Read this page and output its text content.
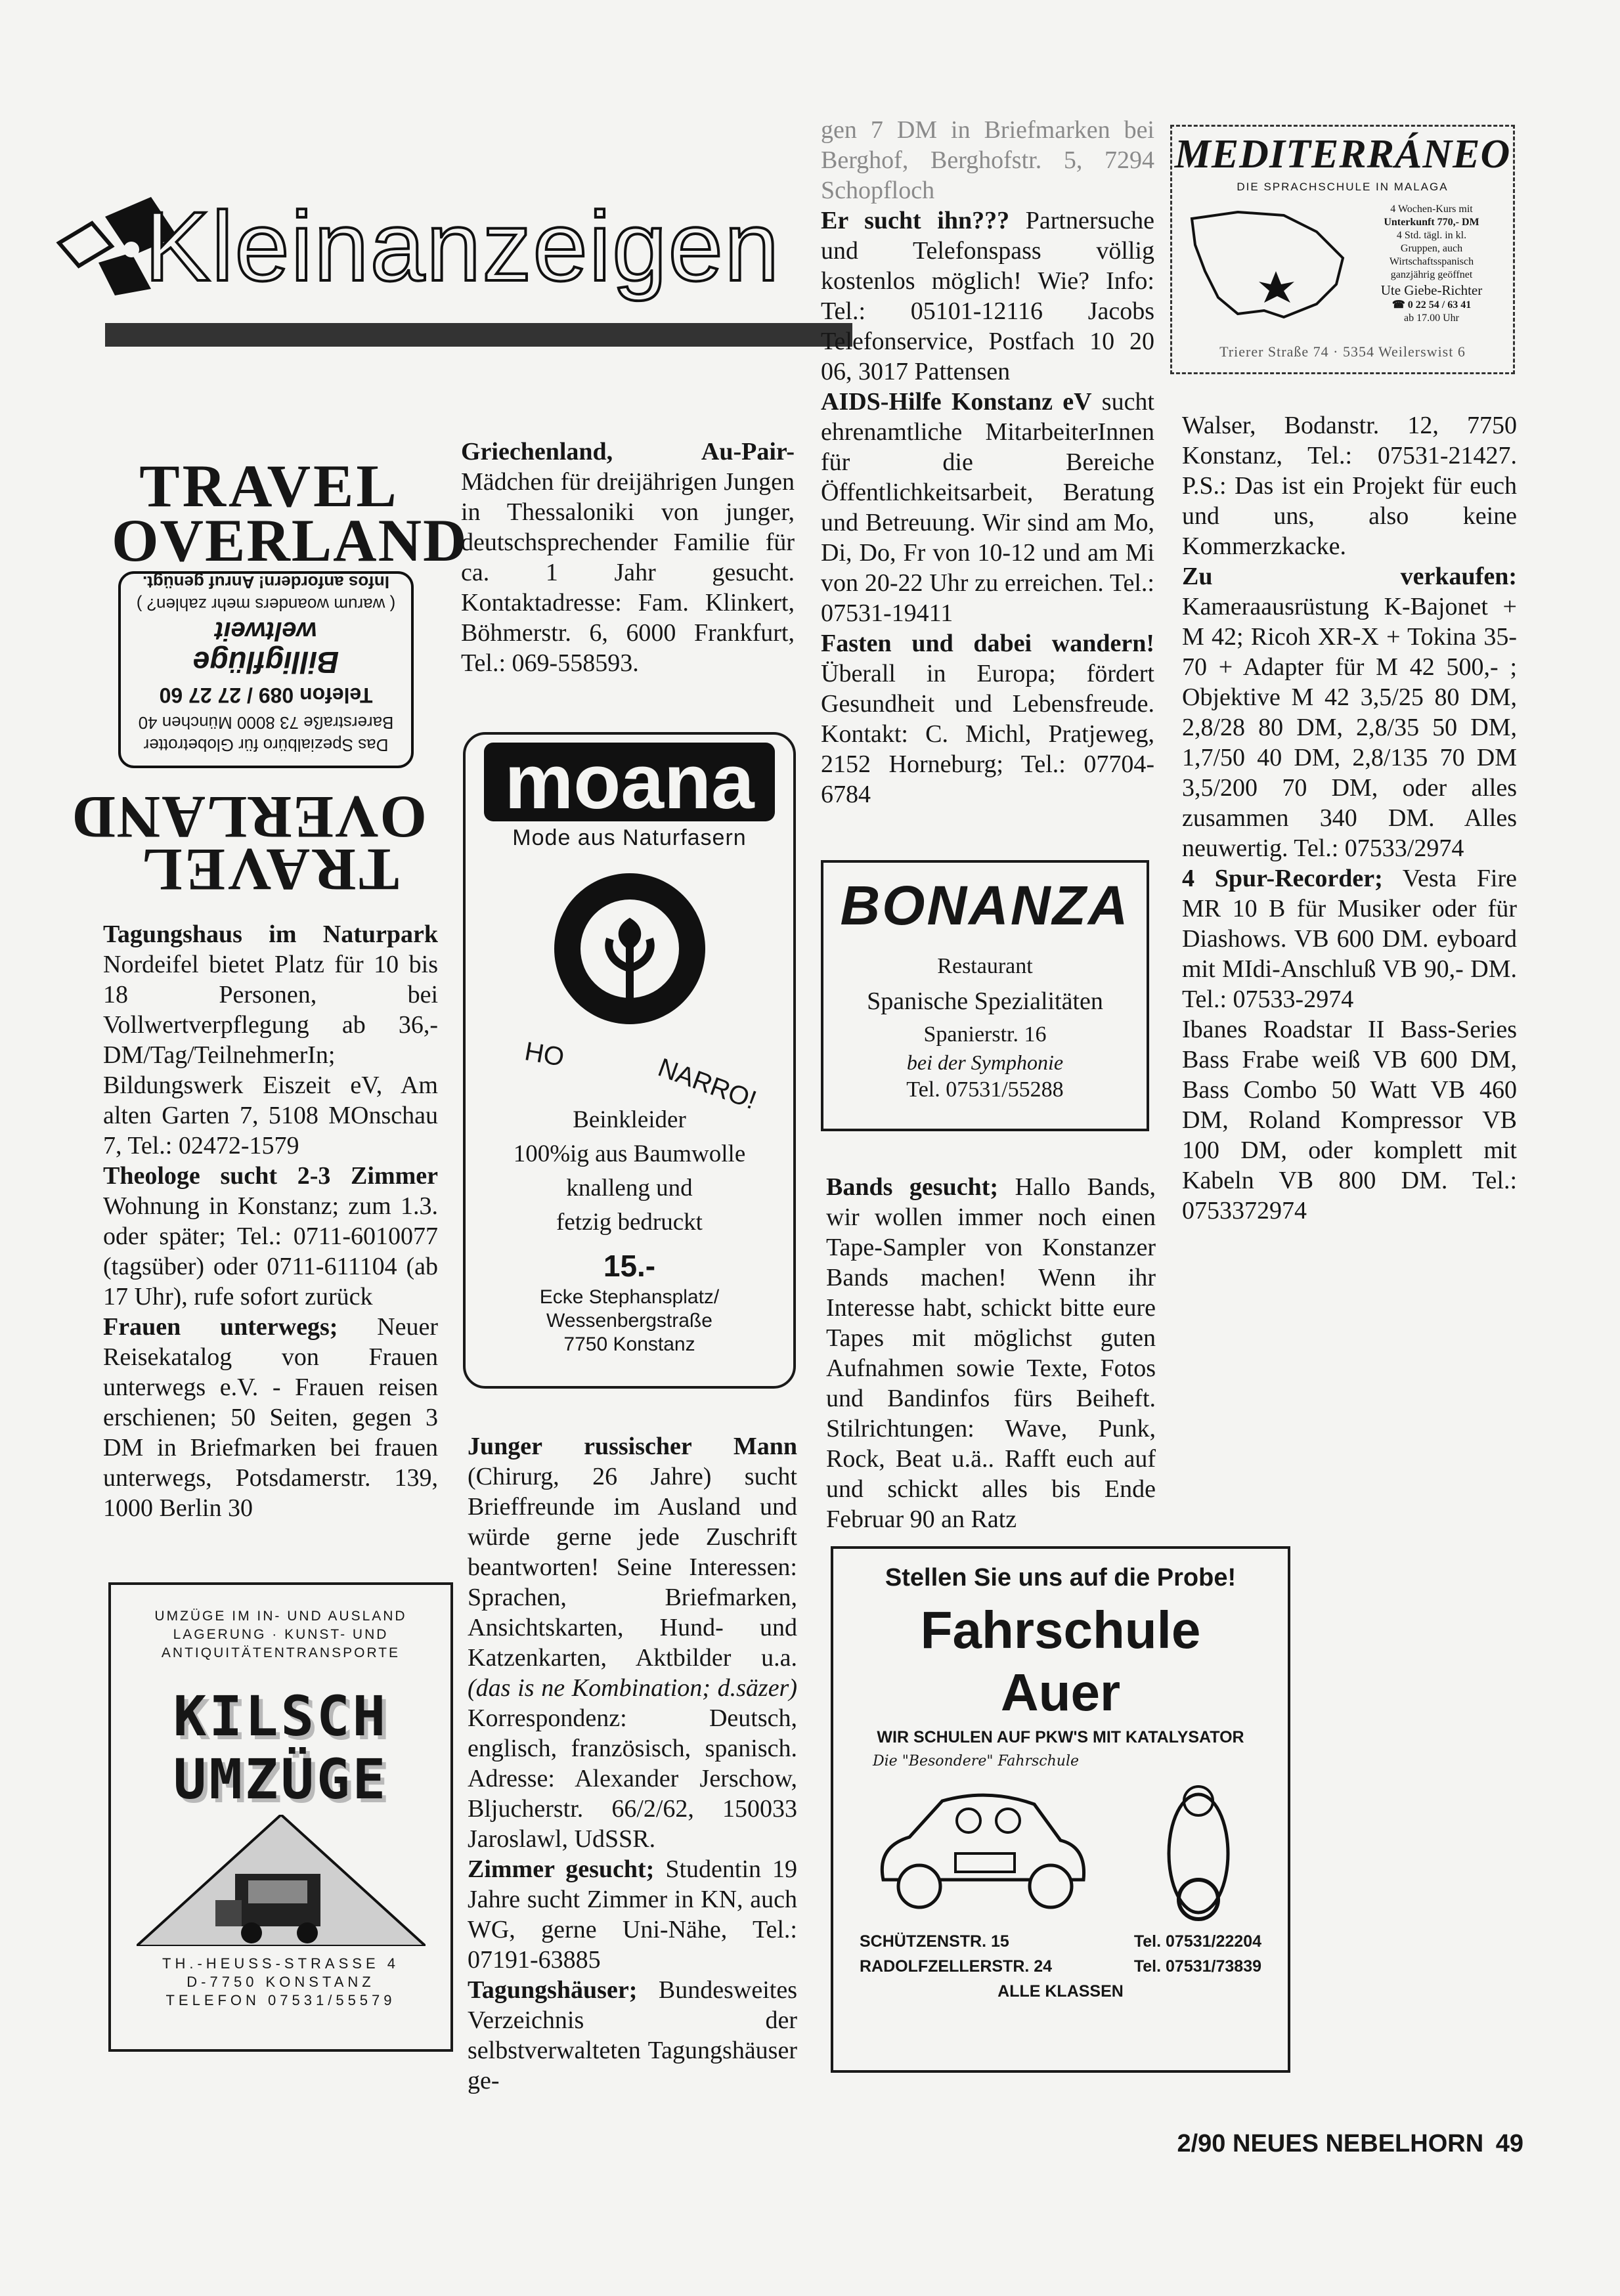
Kleinanzeigen
TRAVEL
OVERLAND
Das Spezialbüro für Globetrotter
Barerstraße 73 8000 München 40
Telefon 089 / 27 27 60
Billigflüge
weltweit
( warum woanders mehr zahlen? )
Infos anfordern! Anruf genügt.
TRAVEL
OVERLAND

Tagungshaus im Naturpark Nordeifel bietet Platz für 10 bis 18 Personen, bei Vollwertverpflegung ab 36,- DM/Tag/TeilnehmerIn; Bildungswerk Eiszeit eV, Am alten Garten 7, 5108 MOnschau 7, Tel.: 02472-1579

Theologe sucht 2-3 Zimmer Wohnung in Konstanz; zum 1.3. oder später; Tel.: 0711-6010077 (tagsüber) oder 0711-611104 (ab 17 Uhr), rufe sofort zurück

Frauen unterwegs; Neuer Reisekatalog von Frauen unterwegs e.V. - Frauen reisen erschienen; 50 Seiten, gegen 3 DM in Briefmarken bei frauen unterwegs, Potsdamerstr. 139, 1000 Berlin 30

UMZÜGE IM IN- UND AUSLAND
LAGERUNG · KUNST- UND
ANTIQUITÄTENTRANSPORTE
KILSCH
UMZÜGE
TH.-HEUSS-STRASSE 4
D-7750 KONSTANZ
TELEFON 07531/55579

Griechenland, Au-Pair-Mädchen für dreijährigen Jungen in Thessaloniki von junger, deutschsprechender Familie für ca. 1 Jahr gesucht. Kontaktadresse: Fam. Klinkert, Böhmerstr. 6, 6000 Frankfurt, Tel.: 069-558593.

moana
Mode aus Naturfasern
HO	NARRO!
Beinkleider
100%ig aus Baumwolle
knalleng und
fetzig bedruckt
15.-
Ecke Stephansplatz/
Wessenbergstraße
7750 Konstanz

Junger russischer Mann (Chirurg, 26 Jahre) sucht Brieffreunde im Ausland und würde gerne jede Zuschrift beantworten! Seine Interessen: Sprachen, Briefmarken, Ansichtskarten, Hund- und Katzenkarten, Aktbilder u.a. (das is ne Kombination; d.säzer) Korrespondenz: Deutsch, englisch, französisch, spanisch. Adresse: Alexander Jerschow, Bljucherstr. 66/2/62, 150033 Jaroslawl, UdSSR.

Zimmer gesucht; Studentin 19 Jahre sucht Zimmer in KN, auch WG, gerne Uni-Nähe, Tel.: 07191-63885

Tagungshäuser; Bundesweites Verzeichnis der selbstverwalteten Tagungshäuser ge-

gen 7 DM in Briefmarken bei Berghof, Berghofstr. 5, 7294 Schopfloch

Er sucht ihn??? Partnersuche und Telefonspass völlig kostenlos möglich! Wie? Info: Tel.: 05101-12116 Jacobs Telefonservice, Postfach 10 20 06, 3017 Pattensen

AIDS-Hilfe Konstanz eV sucht ehrenamtliche MitarbeiterInnen für die Bereiche Öffentlichkeitsarbeit, Beratung und Betreuung. Wir sind am Mo, Di, Do, Fr von 10-12 und am Mi von 20-22 Uhr zu erreichen. Tel.: 07531-19411

Fasten und dabei wandern! Überall in Europa; fördert Gesundheit und Lebensfreude. Kontakt: C. Michl, Pratjeweg, 2152 Horneburg; Tel.: 07704-6784

BONANZA
Restaurant
Spanische Spezialitäten
Spanierstr. 16
bei der Symphonie
Tel. 07531/55288

Bands gesucht; Hallo Bands, wir wollen immer noch einen Tape-Sampler von Konstanzer Bands machen! Wenn ihr Interesse habt, schickt bitte eure Tapes mit möglichst guten Aufnahmen sowie Texte, Fotos und Bandinfos fürs Beiheft. Stilrichtungen: Wave, Punk, Rock, Beat u.ä.. Rafft euch auf und schickt alles bis Ende Februar 90 an Ratz

Stellen Sie uns auf die Probe!
Fahrschule
Auer
WIR SCHULEN AUF PKW'S MIT KATALYSATOR
Die "Besondere" Fahrschule
SCHÜTZENSTR. 15	Tel. 07531/22204
RADOLFZELLERSTR. 24	Tel. 07531/73839
ALLE KLASSEN
MEDITERRÁNEO
DIE SPRACHSCHULE IN MALAGA
4 Wochen-Kurs mit
Unterkunft 770,- DM
4 Std. tägl. in kl.
Gruppen, auch
Wirtschaftsspanisch
ganzjährig geöffnet
Ute Giebe-Richter
☎ 0 22 54 / 63 41
ab 17.00 Uhr
Trierer Straße 74 · 5354 Weilerswist 6

Walser, Bodanstr. 12, 7750 Konstanz, Tel.: 07531-21427. P.S.: Das ist ein Projekt für euch und uns, also keine Kommerzkacke.

Zu verkaufen: Kameraausrüstung K-Bajonet + M 42; Ricoh XR-X + Tokina 35-70 + Adapter für M 42 500,- ; Objektive M 42 3,5/25 80 DM, 2,8/28 80 DM, 2,8/35 50 DM, 1,7/50 40 DM, 2,8/135 70 DM 3,5/200 70 DM, oder alles zusammen 340 DM. Alles neuwertig. Tel.: 07533/2974

4 Spur-Recorder; Vesta Fire MR 10 B für Musiker oder für Diashows. VB 600 DM. eyboard mit MIdi-Anschluß VB 90,- DM. Tel.: 07533-2974

Ibanes Roadstar II Bass-Series Bass Frabe weiß VB 600 DM, Bass Combo 50 Watt VB 460 DM, Roland Kompressor VB 100 DM, oder komplett mit Kabeln VB 800 DM. Tel.: 0753372974

2/90 NEUES NEBELHORN 49
